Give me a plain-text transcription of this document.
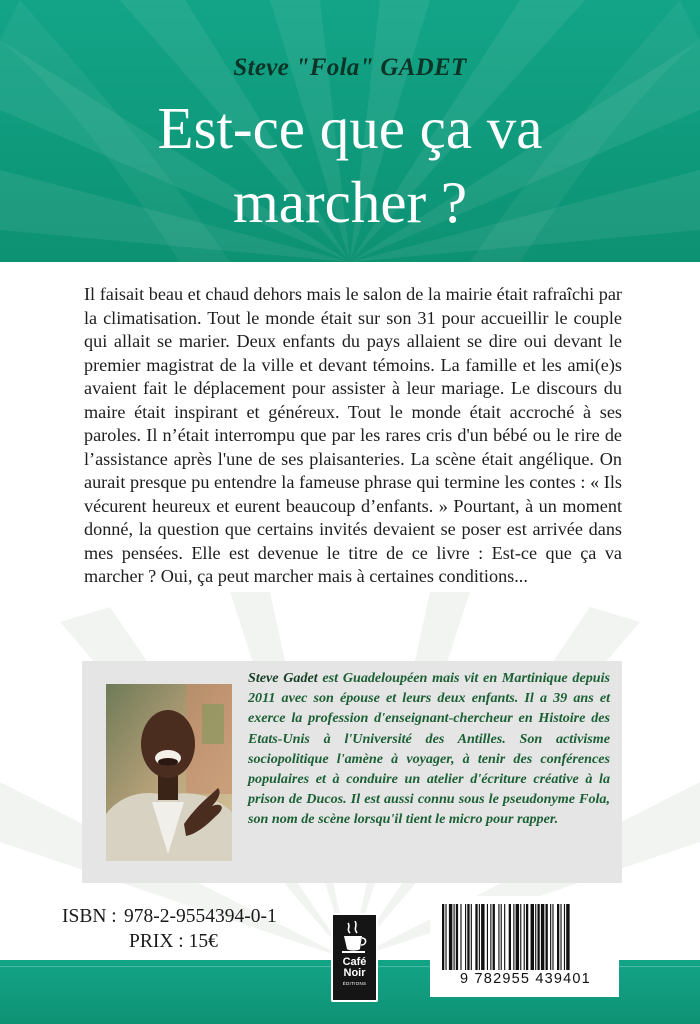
Steve "Fola" GADET
Est-ce que ça va
marcher ?

Il faisait beau et chaud dehors mais le salon de la mairie était rafraîchi par la climatisation. Tout le monde était sur son 31 pour accueillir le couple qui allait se marier. Deux enfants du pays allaient se dire oui devant le premier magistrat de la ville et devant témoins. La famille et les ami(e)s avaient fait le déplacement pour assister à leur mariage. Le discours du maire était inspirant et généreux. Tout le monde était accroché à ses paroles. Il n’était interrompu que par les rares cris d'un bébé ou le rire de l’assistance après l'une de ses plaisanteries. La scène était angélique. On aurait presque pu entendre la fameuse phrase qui termine les contes : « Ils vécurent heureux et eurent beaucoup d’enfants. » Pourtant, à un moment donné, la question que certains invités devaient se poser est arrivée dans mes pensées. Elle est devenue le titre de ce livre : Est-ce que ça va marcher ? Oui, ça peut marcher mais à certaines conditions...

Steve Gadet est Guadeloupéen mais vit en Martinique depuis 2011 avec son épouse et leurs deux enfants. Il a 39 ans et exerce la profession d'enseignant-chercheur en Histoire des Etats-Unis à l'Université des Antilles. Son activisme sociopolitique l'amène à voyager, à tenir des conférences populaires et à conduire un atelier d'écriture créative à la prison de Ducos. Il est aussi connu sous le pseudonyme Fola, son nom de scène lorsqu'il tient le micro pour rapper.

ISBN : 978-2-9554394-0-1
PRIX : 15€
Café
Noir
ÉDITIONS	9 782955 439401
